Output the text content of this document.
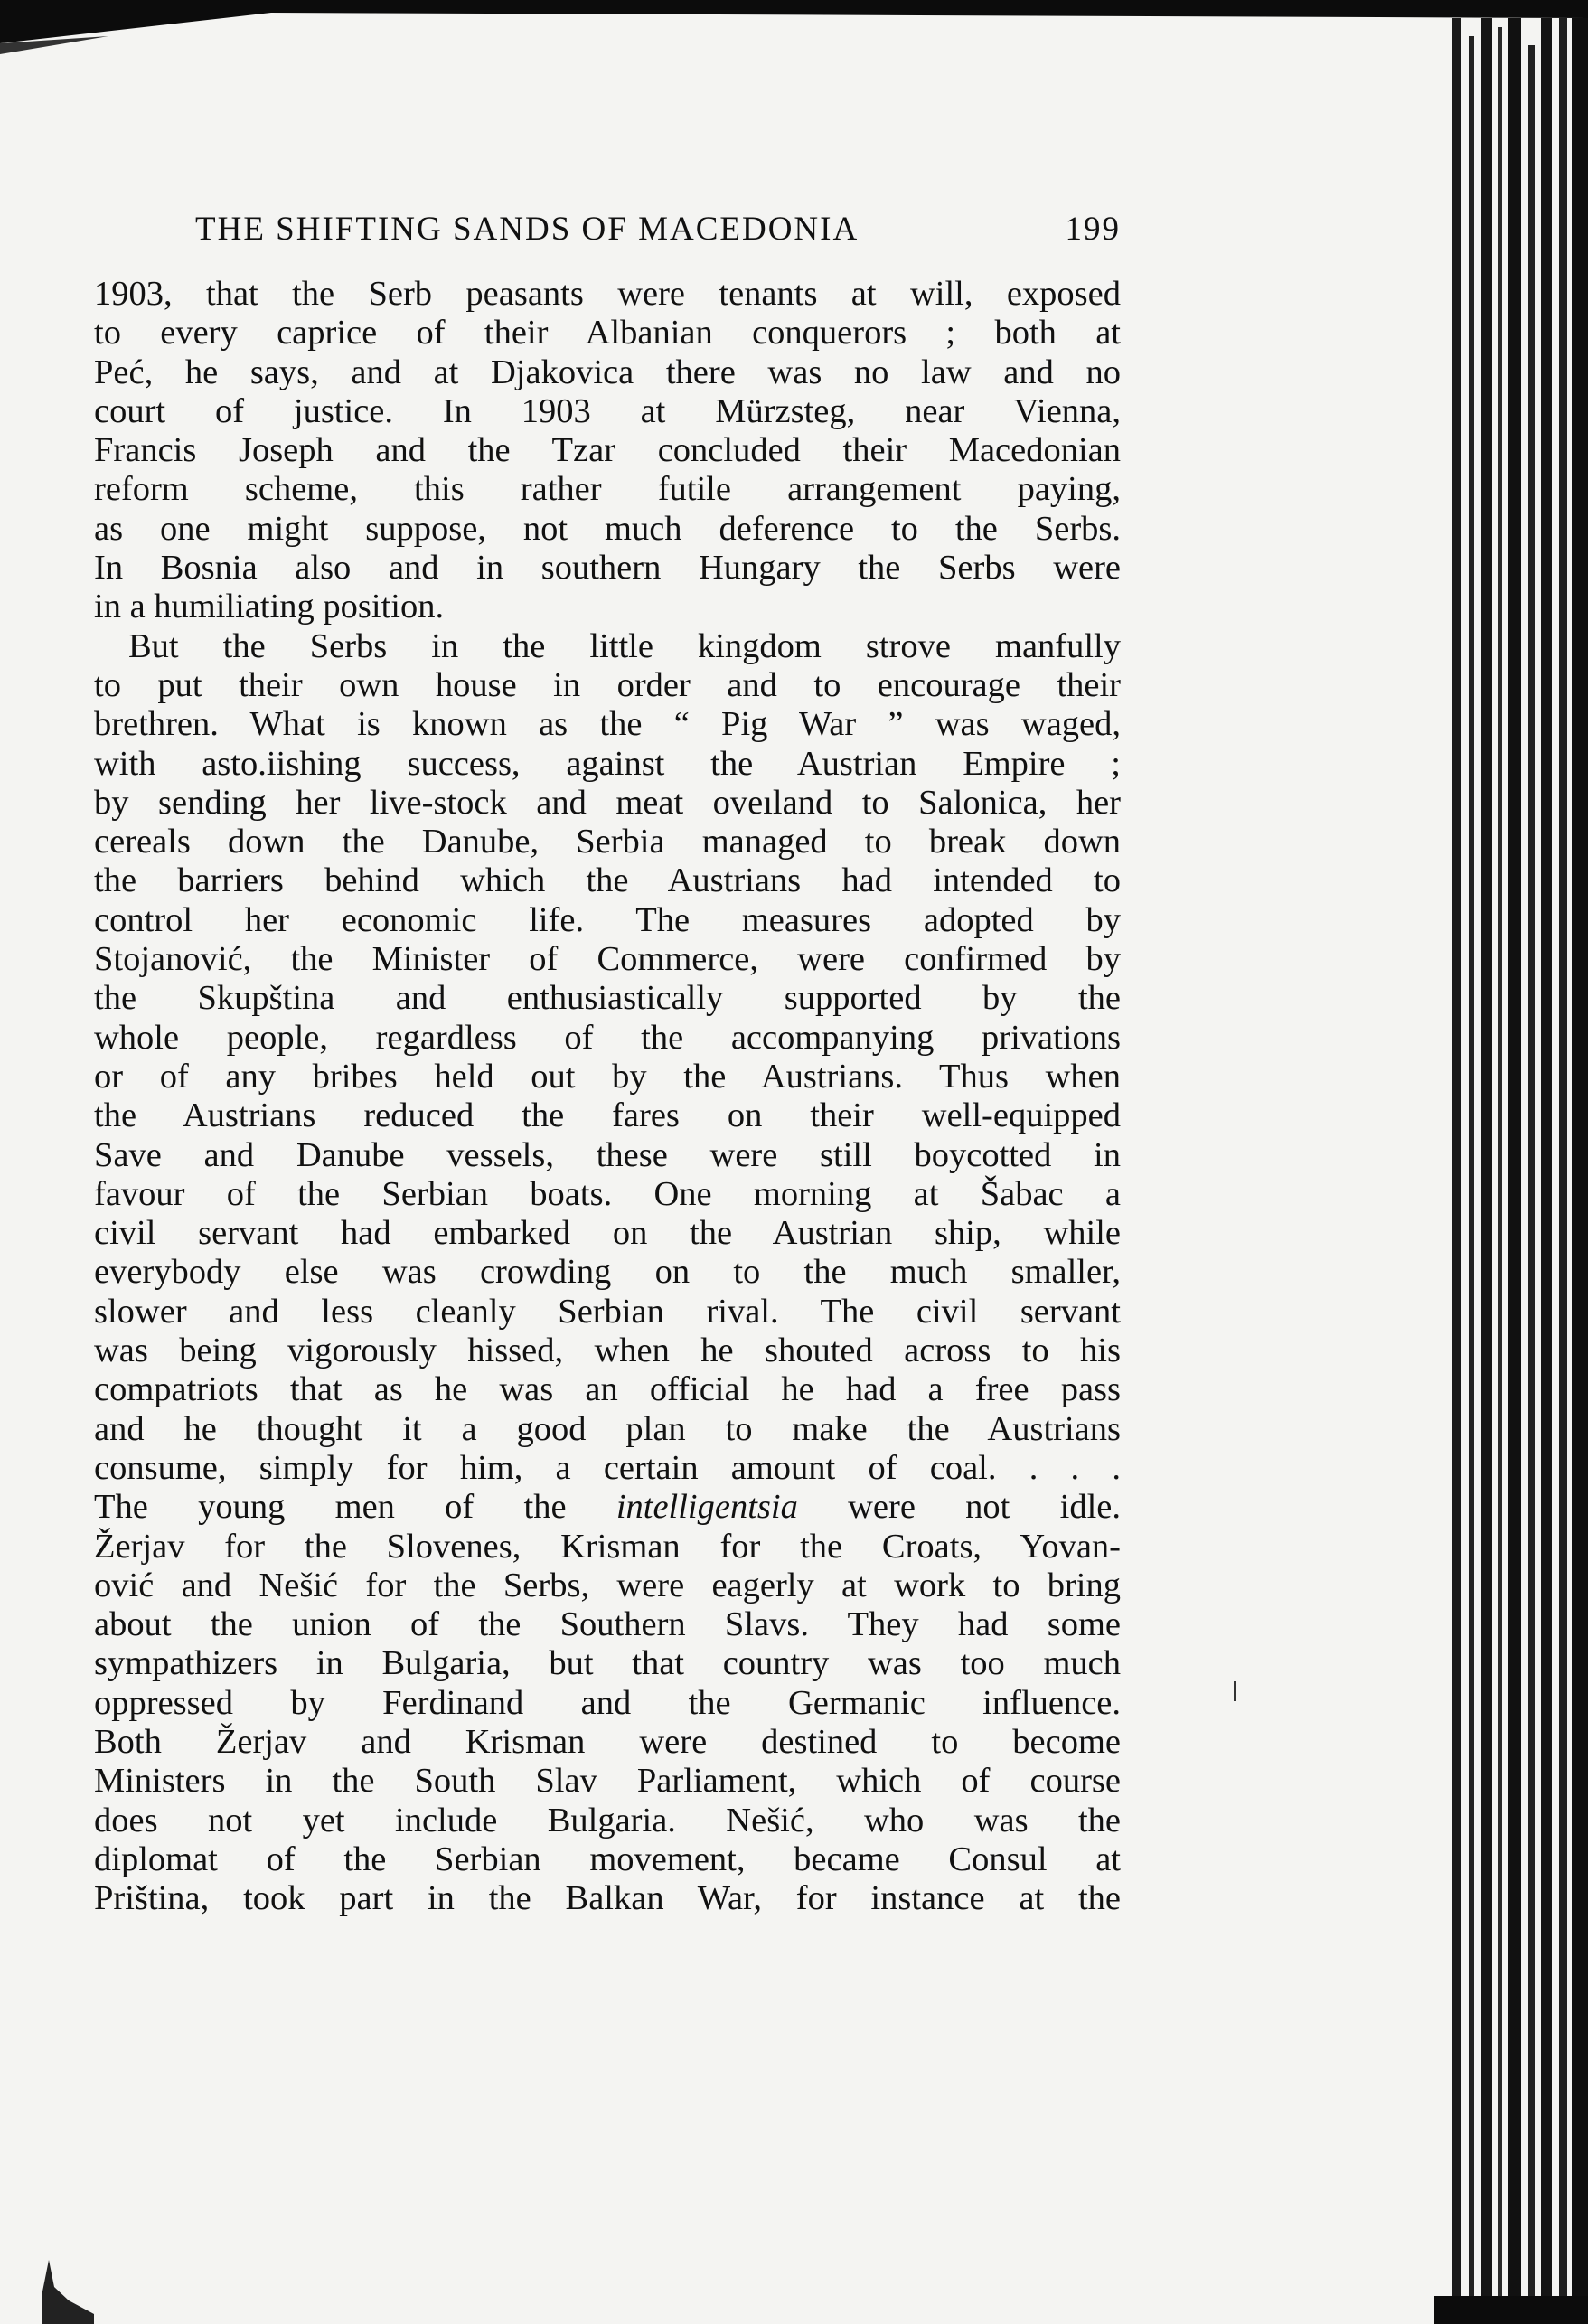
THE SHIFTING SANDS OF MACEDONIA	199
1903, that the Serb peasants were tenants at will, exposed
to every caprice of their Albanian conquerors ; both at
Peć, he says, and at Djakovica there was no law and no
court of justice. In 1903 at Mürzsteg, near Vienna,
Francis Joseph and the Tzar concluded their Macedonian
reform scheme, this rather futile arrangement paying,
as one might suppose, not much deference to the Serbs.
In Bosnia also and in southern Hungary the Serbs were
in a humiliating position.
But the Serbs in the little kingdom strove manfully
to put their own house in order and to encourage their
brethren. What is known as the “ Pig War ” was waged,
with asto.iishing success, against the Austrian Empire ;
by sending her live-stock and meat oveıland to Salonica, her
cereals down the Danube, Serbia managed to break down
the barriers behind which the Austrians had intended to
control her economic life. The measures adopted by
Stojanović, the Minister of Commerce, were confirmed by
the Skupština and enthusiastically supported by the
whole people, regardless of the accompanying privations
or of any bribes held out by the Austrians. Thus when
the Austrians reduced the fares on their well-equipped
Save and Danube vessels, these were still boycotted in
favour of the Serbian boats. One morning at Šabac a
civil servant had embarked on the Austrian ship, while
everybody else was crowding on to the much smaller,
slower and less cleanly Serbian rival. The civil servant
was being vigorously hissed, when he shouted across to his
compatriots that as he was an official he had a free pass
and he thought it a good plan to make the Austrians
consume, simply for him, a certain amount of coal. . . .
The young men of the intelligentsia were not idle.
Žerjav for the Slovenes, Krisman for the Croats, Yovan-
ović and Nešić for the Serbs, were eagerly at work to bring
about the union of the Southern Slavs. They had some
sympathizers in Bulgaria, but that country was too much
oppressed by Ferdinand and the Germanic influence.
Both Žerjav and Krisman were destined to become
Ministers in the South Slav Parliament, which of course
does not yet include Bulgaria. Nešić, who was the
diplomat of the Serbian movement, became Consul at
Priština, took part in the Balkan War, for instance at the
